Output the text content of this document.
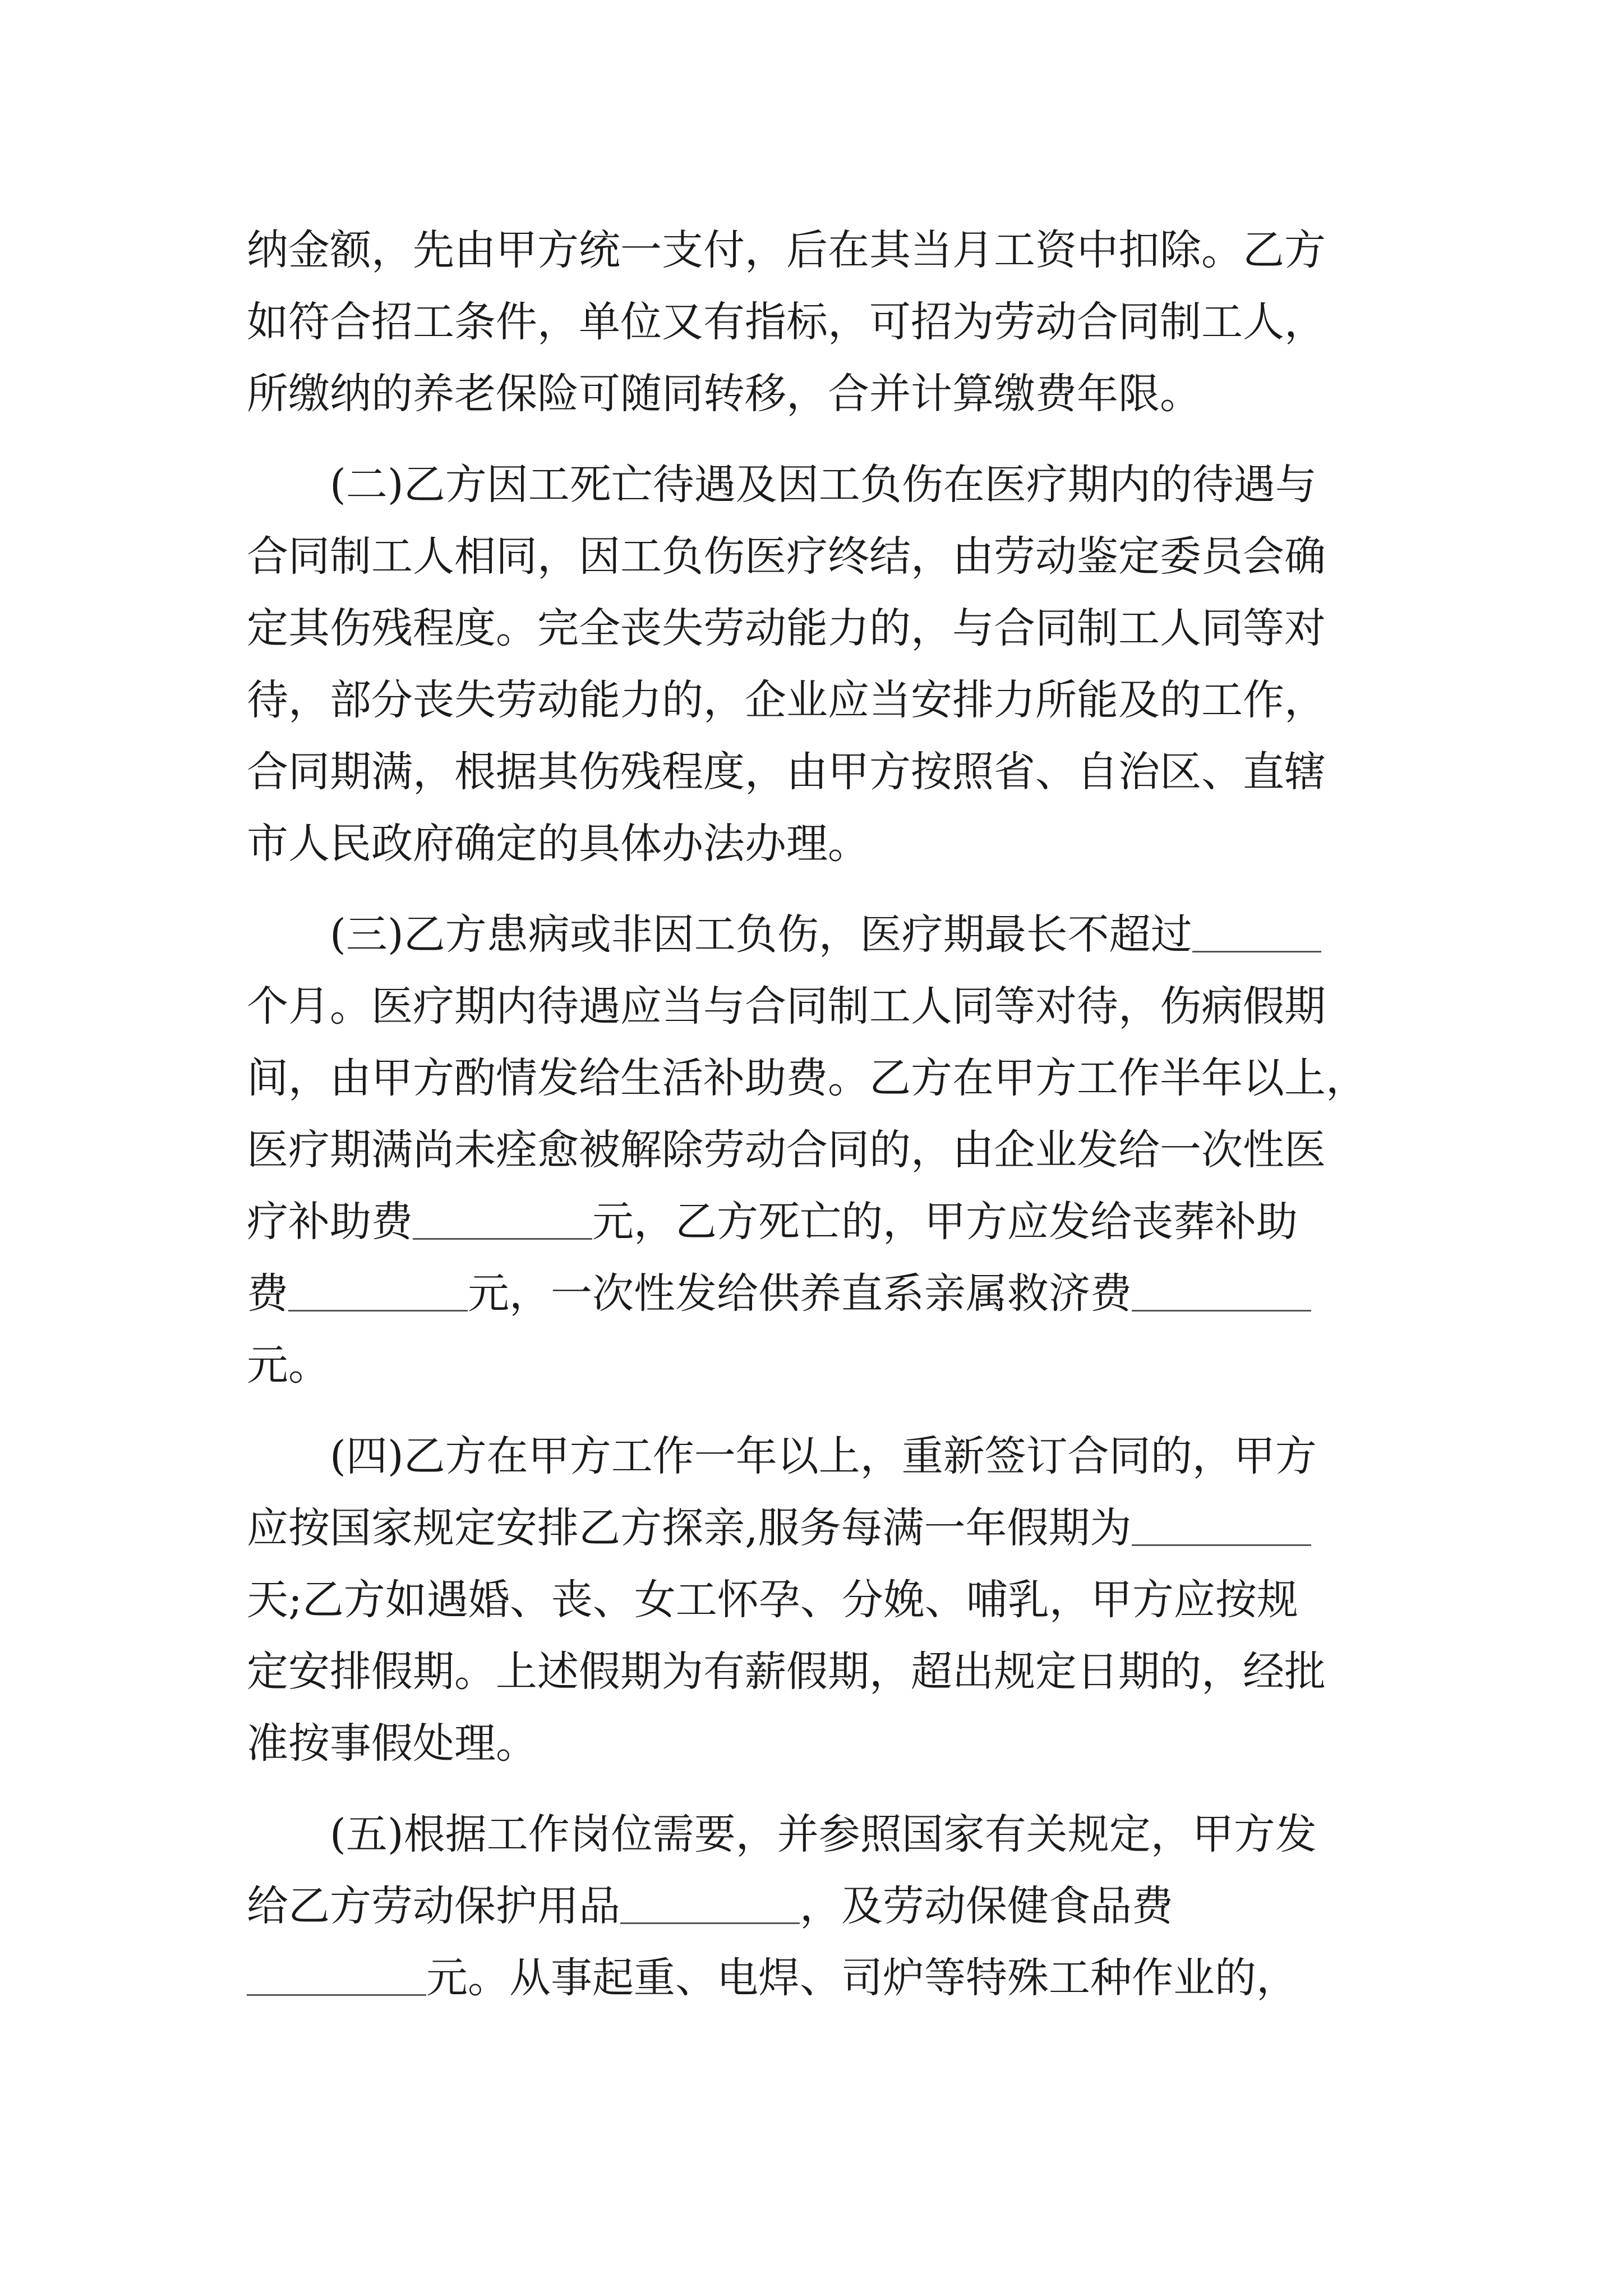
纳金额，先由甲方统一支付，后在其当月工资中扣除。乙方
如符合招工条件，单位又有指标，可招为劳动合同制工人，
所缴纳的养老保险可随同转移，合并计算缴费年限。
(二)乙方因工死亡待遇及因工负伤在医疗期内的待遇与
合同制工人相同，因工负伤医疗终结，由劳动鉴定委员会确
定其伤残程度。完全丧失劳动能力的，与合同制工人同等对
待，部分丧失劳动能力的，企业应当安排力所能及的工作，
合同期满，根据其伤残程度，由甲方按照省、自治区、直辖
市人民政府确定的具体办法办理。
(三)乙方患病或非因工负伤，医疗期最长不超过
个月。医疗期内待遇应当与合同制工人同等对待，伤病假期
间，由甲方酌情发给生活补助费。乙方在甲方工作半年以上，
医疗期满尚未痊愈被解除劳动合同的，由企业发给一次性医
疗补助费	元，乙方死亡的，甲方应发给丧葬补助
费	元，一次性发给供养直系亲属救济费
元。
(四)乙方在甲方工作一年以上，重新签订合同的，甲方
应按国家规定安排乙方探亲,服务每满一年假期为
天;乙方如遇婚、丧、女工怀孕、分娩、哺乳，甲方应按规
定安排假期。上述假期为有薪假期，超出规定日期的，经批
准按事假处理。
(五)根据工作岗位需要，并参照国家有关规定，甲方发
给乙方劳动保护用品	，及劳动保健食品费
元。从事起重、电焊、司炉等特殊工种作业的，
